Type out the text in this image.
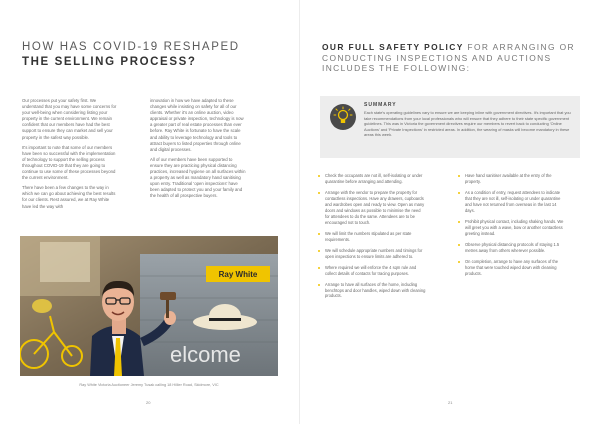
HOW HAS COVID-19 RESHAPED
THE SELLING PROCESS?

Our processes put your safety first. We understand that you may have some concerns for your well-being when considering listing your property in the current environment. We remain confident that our members have had the best support to ensure they can market and sell your property in the safest way possible.

It's important to note that some of our members have been so successful with the implementation of technology to support the selling process throughout COVID-19 that they are going to continue to use some of these processes beyond the current environment.

There have been a few changes to the way in which we can go about achieving the best results for our clients. Rest assured, we at Ray White have led the way with

innovation in how we have adapted to these changes while insisting on safety for all of our clients. Whether it's an online auction, video appraisal or private inspection, technology is now a greater part of real estate processes than ever before. Ray White is fortunate to have the scale and ability to leverage technology and tools to attract buyers to listed properties through online and digital processes.

All of our members have been supported to ensure they are practicing physical distancing practices, increased hygiene on all surfaces within a property as well as mandatory hand sanitising upon entry. Traditional 'open inspections' have been adapted to protect you and your family and the health of all prospective buyers.

Ray White
elcome
Ray White Victoria Auctioneer Jeremy Tusak calling 18 Hillier Road, Skidmore, VIC
20
OUR FULL SAFETY POLICY FOR ARRANGING OR CONDUCTING INSPECTIONS AND AUCTIONS INCLUDES THE FOLLOWING:
SUMMARY
Each state's operating guidelines vary to ensure we are keeping inline with government directives. It's important that you take recommendations from your local professionals who will ensure that they adhere to their state specific government guidelines. This was in Victoria the government directives require our members to revert back to conducting 'Online Auctions' and 'Private Inspections' in restricted areas. In addition, the wearing of masks will become mandatory in these areas this week.
Check the occupants are not ill, self-isolating or under quarantine before arranging and attending.
Arrange with the vendor to prepare the property for contactless inspections. Have any drawers, cupboards and wardrobes open and ready to view. Open as many doors and windows as possible to minimise the need for attendees to do the same. Attendees are to be encouraged not to touch.
We will limit the numbers stipulated as per state requirements.
We will schedule appropriate numbers and timings for open inspections to ensure limits are adhered to.
Where required we will enforce the 4 sqm rule and collect details of contacts for tracing purposes.
Arrange to have all surfaces of the home, including benchtops and door handles, wiped down with cleaning products.
Have hand sanitiser available at the entry of the property.
As a condition of entry, request attendees to indicate that they are not ill, self-isolating or under quarantine and have not returned from overseas in the last 14 days.
Prohibit physical contact, including shaking hands. We will greet you with a wave, bow or another contactless greeting instead.
Observe physical distancing protocols of staying 1.5 metres away from others wherever possible.
On completion, arrange to have any surfaces of the home that were touched wiped down with cleaning products.
21
